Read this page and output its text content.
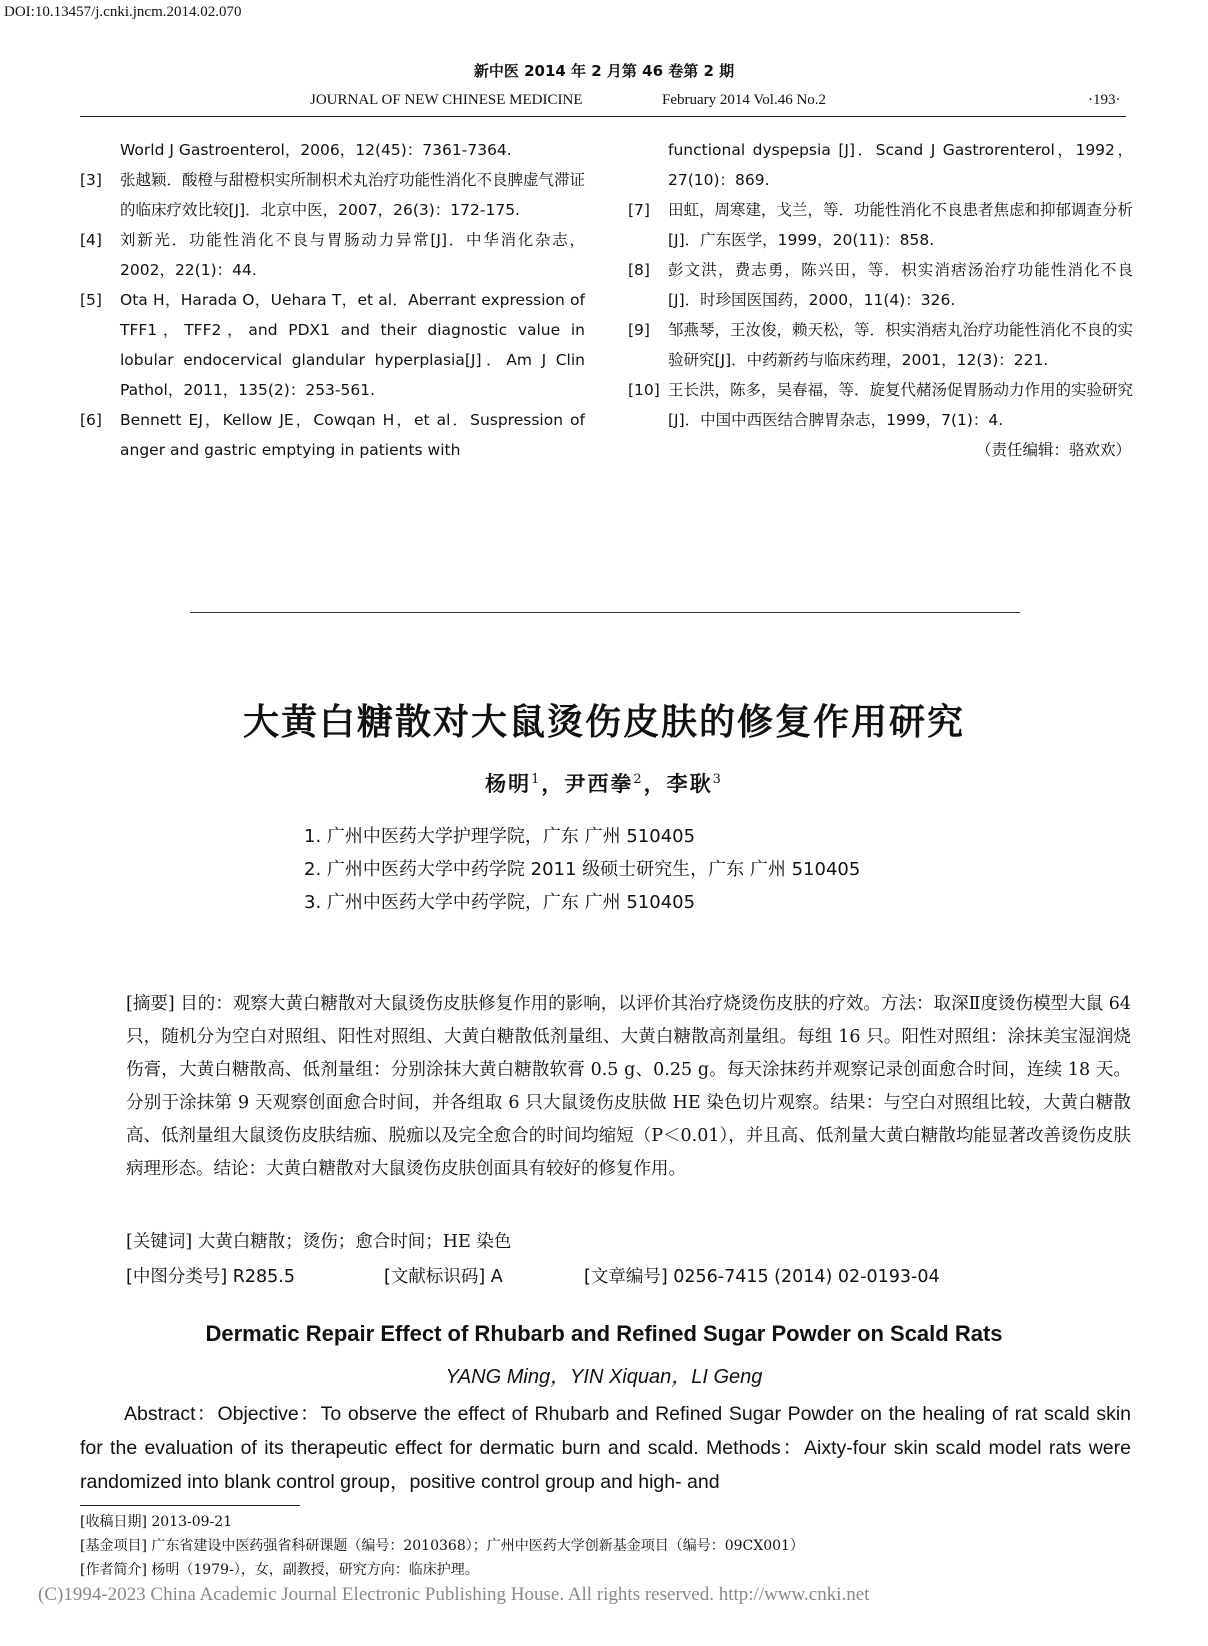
DOI:10.13457/j.cnki.jncm.2014.02.070
新中医 2014 年 2 月第 46 卷第 2 期
JOURNAL OF NEW CHINESE MEDICINE	February 2014 Vol.46 No.2	·193·
World J Gastroenterol，2006，12(45)：7361-7364.
[3]	张越颖．酸橙与甜橙枳实所制枳术丸治疗功能性消化不良脾虚气滞证的临床疗效比较[J]．北京中医，2007，26(3)：172-175.
[4]	刘新光．功能性消化不良与胃肠动力异常[J]．中华消化杂志，2002，22(1)：44.
[5]	Ota H，Harada O，Uehara T，et al．Aberrant expression of TFF1，TFF2，and PDX1 and their diagnostic value in lobular endocervical glandular hyperplasia[J]．Am J Clin Pathol，2011，135(2)：253-561.
[6]	Bennett EJ，Kellow JE，Cowqan H，et al．Suspression of anger and gastric emptying in patients with
functional dyspepsia [J]．Scand J Gastrorenterol，1992，27(10)：869.
[7]	田虹，周寒建，戈兰，等．功能性消化不良患者焦虑和抑郁调查分析[J]．广东医学，1999，20(11)：858.
[8]	彭文洪，费志勇，陈兴田，等．枳实消痞汤治疗功能性消化不良[J]．时珍国医国药，2000，11(4)：326.
[9]	邹燕琴，王汝俊，赖天松，等．枳实消痞丸治疗功能性消化不良的实验研究[J]．中药新药与临床药理，2001，12(3)：221.
[10] 王长洪，陈多，吴春福，等．旋复代赭汤促胃肠动力作用的实验研究[J]．中国中西医结合脾胃杂志，1999，7(1)：4.
（责任编辑：骆欢欢）
大黄白糖散对大鼠烫伤皮肤的修复作用研究
杨明$^1$，尹西拳$^2$，李耿$^3$
1. 广州中医药大学护理学院，广东 广州 510405
2. 广州中医药大学中药学院 2011 级硕士研究生，广东 广州 510405
3. 广州中医药大学中药学院，广东 广州 510405
[摘要] 目的：观察大黄白糖散对大鼠烫伤皮肤修复作用的影响，以评价其治疗烧烫伤皮肤的疗效。方法：取深Ⅱ度烫伤模型大鼠 64 只，随机分为空白对照组、阳性对照组、大黄白糖散低剂量组、大黄白糖散高剂量组。每组 16 只。阳性对照组：涂抹美宝湿润烧伤膏，大黄白糖散高、低剂量组：分别涂抹大黄白糖散软膏 0.5 g、0.25 g。每天涂抹药并观察记录创面愈合时间，连续 18 天。分别于涂抹第 9 天观察创面愈合时间，并各组取 6 只大鼠烫伤皮肤做 HE 染色切片观察。结果：与空白对照组比较，大黄白糖散高、低剂量组大鼠烫伤皮肤结痂、脱痂以及完全愈合的时间均缩短（P＜0.01），并且高、低剂量大黄白糖散均能显著改善烫伤皮肤病理形态。结论：大黄白糖散对大鼠烫伤皮肤创面具有较好的修复作用。
[关键词] 大黄白糖散；烫伤；愈合时间；HE 染色
[中图分类号] R285.5	[文献标识码] A	[文章编号] 0256-7415 (2014) 02-0193-04
Dermatic Repair Effect of Rhubarb and Refined Sugar Powder on Scald Rats
YANG Ming，YIN Xiquan，LI Geng
Abstract：Objective：To observe the effect of Rhubarb and Refined Sugar Powder on the healing of rat scald skin for the evaluation of its therapeutic effect for dermatic burn and scald. Methods：Aixty-four skin scald model rats were randomized into blank control group，positive control group and high- and
[收稿日期] 2013-09-21
[基金项目] 广东省建设中医药强省科研课题（编号：2010368）；广州中医药大学创新基金项目（编号：09CX001）
[作者简介] 杨明（1979-），女，副教授，研究方向：临床护理。
(C)1994-2023 China Academic Journal Electronic Publishing House. All rights reserved. http://www.cnki.net
